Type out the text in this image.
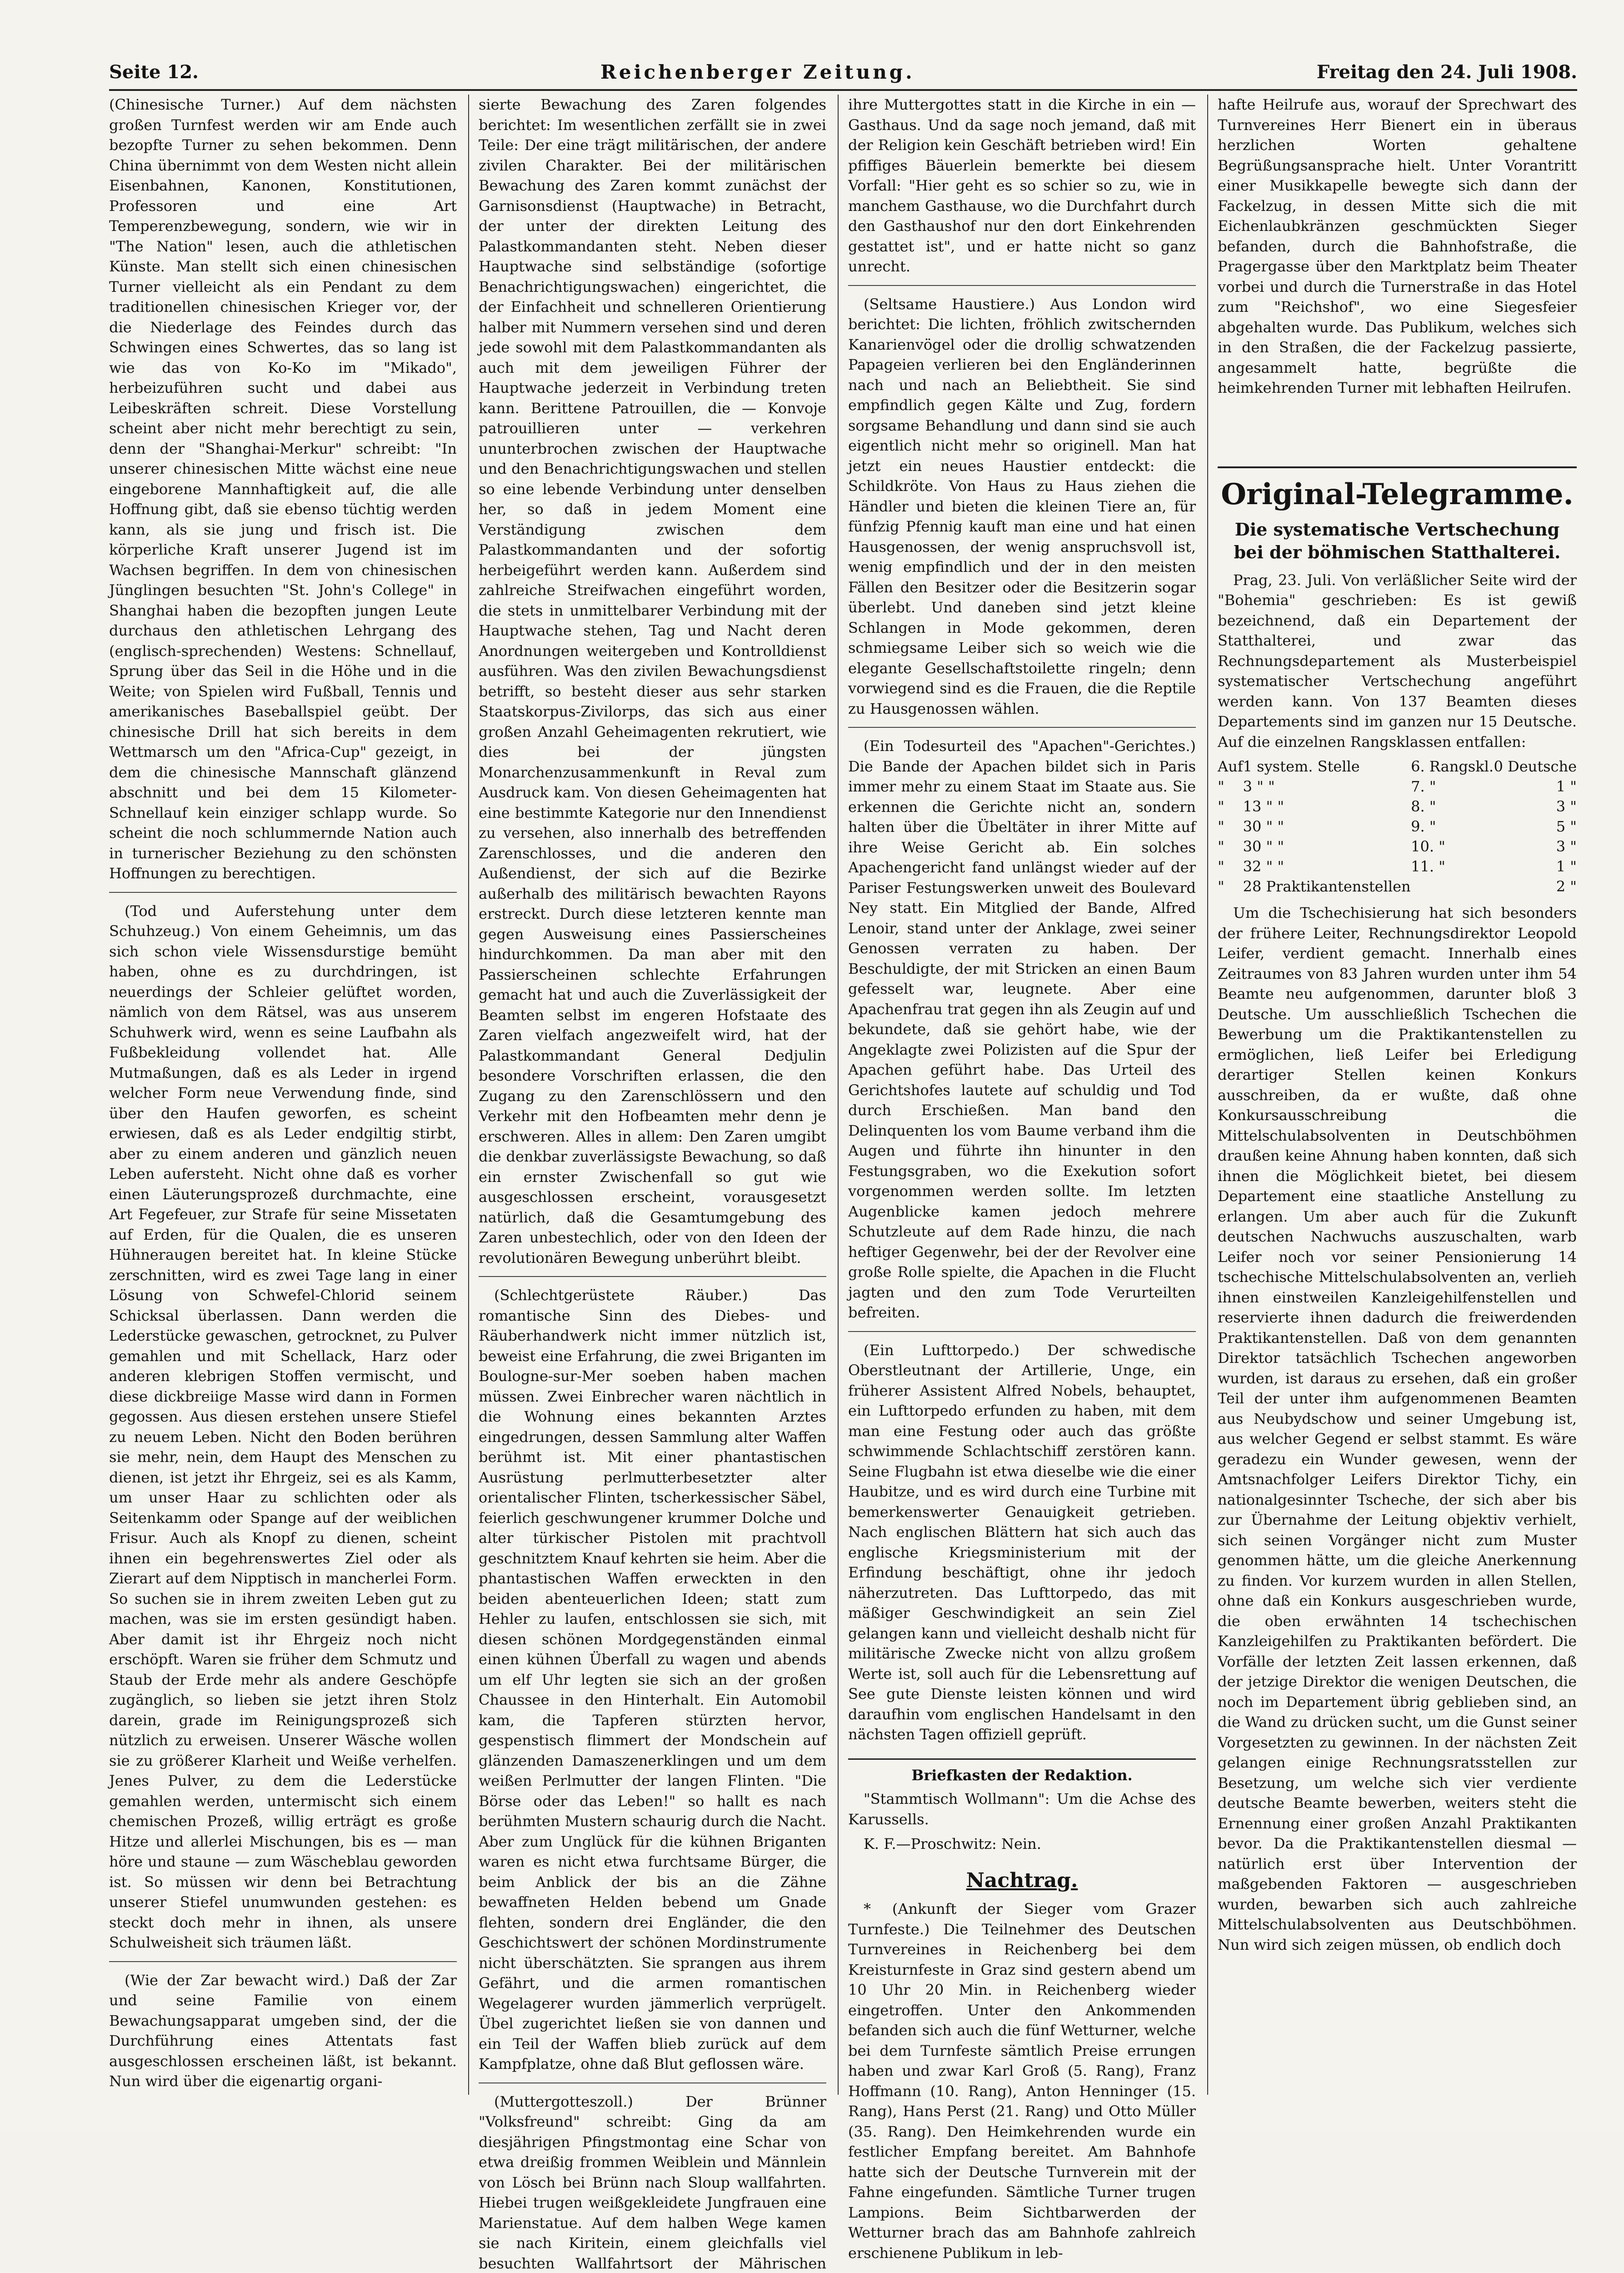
Seite 12.	Reichenberger Zeitung.	Freitag den 24. Juli 1908.

(Chinesische Turner.) Auf dem nächsten großen Turnfest werden wir am Ende auch bezopfte Turner zu sehen bekommen. Denn China übernimmt von dem Westen nicht allein Eisenbahnen, Kanonen, Konstitutionen, Professoren und eine Art Temperenzbewegung, sondern, wie wir in "The Nation" lesen, auch die athletischen Künste. Man stellt sich einen chinesischen Turner vielleicht als ein Pendant zu dem traditionellen chinesischen Krieger vor, der die Niederlage des Feindes durch das Schwingen eines Schwertes, das so lang ist wie das von Ko-Ko im "Mikado", herbeizuführen sucht und dabei aus Leibeskräften schreit. Diese Vorstellung scheint aber nicht mehr berechtigt zu sein, denn der "Shanghai-Merkur" schreibt: "In unserer chinesischen Mitte wächst eine neue eingeborene Mannhaftigkeit auf, die alle Hoffnung gibt, daß sie ebenso tüchtig werden kann, als sie jung und frisch ist. Die körperliche Kraft unserer Jugend ist im Wachsen begriffen. In dem von chinesischen Jünglingen besuchten "St. John's College" in Shanghai haben die bezopften jungen Leute durchaus den athletischen Lehrgang des (englisch-sprechenden) Westens: Schnellauf, Sprung über das Seil in die Höhe und in die Weite; von Spielen wird Fußball, Tennis und amerikanisches Baseballspiel geübt. Der chinesische Drill hat sich bereits in dem Wettmarsch um den "Africa-Cup" gezeigt, in dem die chinesische Mannschaft glänzend abschnitt und bei dem 15 Kilometer-Schnellauf kein einziger schlapp wurde. So scheint die noch schlummernde Nation auch in turnerischer Beziehung zu den schönsten Hoffnungen zu berechtigen.

(Tod und Auferstehung unter dem Schuhzeug.) Von einem Geheimnis, um das sich schon viele Wissensdurstige bemüht haben, ohne es zu durchdringen, ist neuerdings der Schleier gelüftet worden, nämlich von dem Rätsel, was aus unserem Schuhwerk wird, wenn es seine Laufbahn als Fußbekleidung vollendet hat. Alle Mutmaßungen, daß es als Leder in irgend welcher Form neue Verwendung finde, sind über den Haufen geworfen, es scheint erwiesen, daß es als Leder endgiltig stirbt, aber zu einem anderen und gänzlich neuen Leben aufersteht. Nicht ohne daß es vorher einen Läuterungsprozeß durchmachte, eine Art Fegefeuer, zur Strafe für seine Missetaten auf Erden, für die Qualen, die es unseren Hühneraugen bereitet hat. In kleine Stücke zerschnitten, wird es zwei Tage lang in einer Lösung von Schwefel-Chlorid seinem Schicksal überlassen. Dann werden die Lederstücke gewaschen, getrocknet, zu Pulver gemahlen und mit Schellack, Harz oder anderen klebrigen Stoffen vermischt, und diese dickbreiige Masse wird dann in Formen gegossen. Aus diesen erstehen unsere Stiefel zu neuem Leben. Nicht den Boden berühren sie mehr, nein, dem Haupt des Menschen zu dienen, ist jetzt ihr Ehrgeiz, sei es als Kamm, um unser Haar zu schlichten oder als Seitenkamm oder Spange auf der weiblichen Frisur. Auch als Knopf zu dienen, scheint ihnen ein begehrenswertes Ziel oder als Zierart auf dem Nipptisch in mancherlei Form. So suchen sie in ihrem zweiten Leben gut zu machen, was sie im ersten gesündigt haben. Aber damit ist ihr Ehrgeiz noch nicht erschöpft. Waren sie früher dem Schmutz und Staub der Erde mehr als andere Geschöpfe zugänglich, so lieben sie jetzt ihren Stolz darein, grade im Reinigungsprozeß sich nützlich zu erweisen. Unserer Wäsche wollen sie zu größerer Klarheit und Weiße verhelfen. Jenes Pulver, zu dem die Lederstücke gemahlen werden, untermischt sich einem chemischen Prozeß, willig erträgt es große Hitze und allerlei Mischungen, bis es — man höre und staune — zum Wäscheblau geworden ist. So müssen wir denn bei Betrachtung unserer Stiefel unumwunden gestehen: es steckt doch mehr in ihnen, als unsere Schulweisheit sich träumen läßt.

(Wie der Zar bewacht wird.) Daß der Zar und seine Familie von einem Bewachungsapparat umgeben sind, der die Durchführung eines Attentats fast ausgeschlossen erscheinen läßt, ist bekannt. Nun wird über die eigenartig organi-

sierte Bewachung des Zaren folgendes berichtet: Im wesentlichen zerfällt sie in zwei Teile: Der eine trägt militärischen, der andere zivilen Charakter. Bei der militärischen Bewachung des Zaren kommt zunächst der Garnisonsdienst (Hauptwache) in Betracht, der unter der direkten Leitung des Palastkommandanten steht. Neben dieser Hauptwache sind selbständige (sofortige Benachrichtigungswachen) eingerichtet, die der Einfachheit und schnelleren Orientierung halber mit Nummern versehen sind und deren jede sowohl mit dem Palastkommandanten als auch mit dem jeweiligen Führer der Hauptwache jederzeit in Verbindung treten kann. Berittene Patrouillen, die — Konvoje patrouillieren unter — verkehren ununterbrochen zwischen der Hauptwache und den Benachrichtigungswachen und stellen so eine lebende Verbindung unter denselben her, so daß in jedem Moment eine Verständigung zwischen dem Palastkommandanten und der sofortig herbeigeführt werden kann. Außerdem sind zahlreiche Streifwachen eingeführt worden, die stets in unmittelbarer Verbindung mit der Hauptwache stehen, Tag und Nacht deren Anordnungen weitergeben und Kontrolldienst ausführen. Was den zivilen Bewachungsdienst betrifft, so besteht dieser aus sehr starken Staatskorpus-Zivilorps, das sich aus einer großen Anzahl Geheimagenten rekrutiert, wie dies bei der jüngsten Monarchenzusammenkunft in Reval zum Ausdruck kam. Von diesen Geheimagenten hat eine bestimmte Kategorie nur den Innendienst zu versehen, also innerhalb des betreffenden Zarenschlosses, und die anderen den Außendienst, der sich auf die Bezirke außerhalb des militärisch bewachten Rayons erstreckt. Durch diese letzteren kennte man gegen Ausweisung eines Passierscheines hindurchkommen. Da man aber mit den Passierscheinen schlechte Erfahrungen gemacht hat und auch die Zuverlässigkeit der Beamten selbst im engeren Hofstaate des Zaren vielfach angezweifelt wird, hat der Palastkommandant General Dedjulin besondere Vorschriften erlassen, die den Zugang zu den Zarenschlössern und den Verkehr mit den Hofbeamten mehr denn je erschweren. Alles in allem: Den Zaren umgibt die denkbar zuverlässigste Bewachung, so daß ein ernster Zwischenfall so gut wie ausgeschlossen erscheint, vorausgesetzt natürlich, daß die Gesamtumgebung des Zaren unbestechlich, oder von den Ideen der revolutionären Bewegung unberührt bleibt.

(Schlechtgerüstete Räuber.) Das romantische Sinn des Diebes- und Räuberhandwerk nicht immer nützlich ist, beweist eine Erfahrung, die zwei Briganten im Boulogne-sur-Mer soeben haben machen müssen. Zwei Einbrecher waren nächtlich in die Wohnung eines bekannten Arztes eingedrungen, dessen Sammlung alter Waffen berühmt ist. Mit einer phantastischen Ausrüstung perlmutterbesetzter alter orientalischer Flinten, tscherkessischer Säbel, feierlich geschwungener krummer Dolche und alter türkischer Pistolen mit prachtvoll geschnitztem Knauf kehrten sie heim. Aber die phantastischen Waffen erweckten in den beiden abenteuerlichen Ideen; statt zum Hehler zu laufen, entschlossen sie sich, mit diesen schönen Mordgegenständen einmal einen kühnen Überfall zu wagen und abends um elf Uhr legten sie sich an der großen Chaussee in den Hinterhalt. Ein Automobil kam, die Tapferen stürzten hervor, gespenstisch flimmert der Mondschein auf glänzenden Damaszenerklingen und um dem weißen Perlmutter der langen Flinten. "Die Börse oder das Leben!" so hallt es nach berühmten Mustern schaurig durch die Nacht. Aber zum Unglück für die kühnen Briganten waren es nicht etwa furchtsame Bürger, die beim Anblick der bis an die Zähne bewaffneten Helden bebend um Gnade flehten, sondern drei Engländer, die den Geschichtswert der schönen Mordinstrumente nicht überschätzten. Sie sprangen aus ihrem Gefährt, und die armen romantischen Wegelagerer wurden jämmerlich verprügelt. Übel zugerichtet ließen sie von dannen und ein Teil der Waffen blieb zurück auf dem Kampfplatze, ohne daß Blut geflossen wäre.

(Muttergotteszoll.) Der Brünner "Volksfreund" schreibt: Ging da am diesjährigen Pfingstmontag eine Schar von etwa dreißig frommen Weiblein und Männlein von Lösch bei Brünn nach Sloup wallfahrten. Hiebei trugen weißgekleidete Jungfrauen eine Marienstatue. Auf dem halben Wege kamen sie nach Kiritein, einem gleichfalls viel besuchten Wallfahrtsort der Mährischen

ihre Muttergottes statt in die Kirche in ein — Gasthaus. Und da sage noch jemand, daß mit der Religion kein Geschäft betrieben wird! Ein pfiffiges Bäuerlein bemerkte bei diesem Vorfall: "Hier geht es so schier so zu, wie in manchem Gasthause, wo die Durchfahrt durch den Gasthaushof nur den dort Einkehrenden gestattet ist", und er hatte nicht so ganz unrecht.

(Seltsame Haustiere.) Aus London wird berichtet: Die lichten, fröhlich zwitschernden Kanarienvögel oder die drollig schwatzenden Papageien verlieren bei den Engländerinnen nach und nach an Beliebtheit. Sie sind empfindlich gegen Kälte und Zug, fordern sorgsame Behandlung und dann sind sie auch eigentlich nicht mehr so originell. Man hat jetzt ein neues Haustier entdeckt: die Schildkröte. Von Haus zu Haus ziehen die Händler und bieten die kleinen Tiere an, für fünfzig Pfennig kauft man eine und hat einen Hausgenossen, der wenig anspruchsvoll ist, wenig empfindlich und der in den meisten Fällen den Besitzer oder die Besitzerin sogar überlebt. Und daneben sind jetzt kleine Schlangen in Mode gekommen, deren schmiegsame Leiber sich so weich wie die elegante Gesellschaftstoilette ringeln; denn vorwiegend sind es die Frauen, die die Reptile zu Hausgenossen wählen.

(Ein Todesurteil des "Apachen"-Gerichtes.) Die Bande der Apachen bildet sich in Paris immer mehr zu einem Staat im Staate aus. Sie erkennen die Gerichte nicht an, sondern halten über die Übeltäter in ihrer Mitte auf ihre Weise Gericht ab. Ein solches Apachengericht fand unlängst wieder auf der Pariser Festungswerken unweit des Boulevard Ney statt. Ein Mitglied der Bande, Alfred Lenoir, stand unter der Anklage, zwei seiner Genossen verraten zu haben. Der Beschuldigte, der mit Stricken an einen Baum gefesselt war, leugnete. Aber eine Apachenfrau trat gegen ihn als Zeugin auf und bekundete, daß sie gehört habe, wie der Angeklagte zwei Polizisten auf die Spur der Apachen geführt habe. Das Urteil des Gerichtshofes lautete auf schuldig und Tod durch Erschießen. Man band den Delinquenten los vom Baume verband ihm die Augen und führte ihn hinunter in den Festungsgraben, wo die Exekution sofort vorgenommen werden sollte. Im letzten Augenblicke kamen jedoch mehrere Schutzleute auf dem Rade hinzu, die nach heftiger Gegenwehr, bei der der Revolver eine große Rolle spielte, die Apachen in die Flucht jagten und den zum Tode Verurteilten befreiten.

(Ein Lufttorpedo.) Der schwedische Oberstleutnant der Artillerie, Unge, ein früherer Assistent Alfred Nobels, behauptet, ein Lufttorpedo erfunden zu haben, mit dem man eine Festung oder auch das größte schwimmende Schlachtschiff zerstören kann. Seine Flugbahn ist etwa dieselbe wie die einer Haubitze, und es wird durch eine Turbine mit bemerkenswerter Genauigkeit getrieben. Nach englischen Blättern hat sich auch das englische Kriegsministerium mit der Erfindung beschäftigt, ohne ihr jedoch näherzutreten. Das Lufttorpedo, das mit mäßiger Geschwindigkeit an sein Ziel gelangen kann und vielleicht deshalb nicht für militärische Zwecke nicht von allzu großem Werte ist, soll auch für die Lebensrettung auf See gute Dienste leisten können und wird daraufhin vom englischen Handelsamt in den nächsten Tagen offiziell geprüft.

Briefkasten der Redaktion.

"Stammtisch Wollmann": Um die Achse des Karussells.

K. F.—Proschwitz: Nein.

Nachtrag.

* (Ankunft der Sieger vom Grazer Turnfeste.) Die Teilnehmer des Deutschen Turnvereines in Reichenberg bei dem Kreisturnfeste in Graz sind gestern abend um 10 Uhr 20 Min. in Reichenberg wieder eingetroffen. Unter den Ankommenden befanden sich auch die fünf Wetturner, welche bei dem Turnfeste sämtlich Preise errungen haben und zwar Karl Groß (5. Rang), Franz Hoffmann (10. Rang), Anton Henninger (15. Rang), Hans Perst (21. Rang) und Otto Müller (35. Rang). Den Heimkehrenden wurde ein festlicher Empfang bereitet. Am Bahnhofe hatte sich der Deutsche Turnverein mit der Fahne eingefunden. Sämtliche Turner trugen Lampions. Beim Sichtbarwerden der Wetturner brach das am Bahnhofe zahlreich erschienene Publikum in leb-

hafte Heilrufe aus, worauf der Sprechwart des Turnvereines Herr Bienert ein in überaus herzlichen Worten gehaltene Begrüßungsansprache hielt. Unter Vorantritt einer Musikkapelle bewegte sich dann der Fackelzug, in dessen Mitte sich die mit Eichenlaubkränzen geschmückten Sieger befanden, durch die Bahnhofstraße, die Pragergasse über den Marktplatz beim Theater vorbei und durch die Turnerstraße in das Hotel zum "Reichshof", wo eine Siegesfeier abgehalten wurde. Das Publikum, welches sich in den Straßen, die der Fackelzug passierte, angesammelt hatte, begrüßte die heimkehrenden Turner mit lebhaften Heilrufen.

Original-Telegramme.
Die systematische Vertschechung bei der böhmischen Statthalterei.

Prag, 23. Juli. Von verläßlicher Seite wird der "Bohemia" geschrieben: Es ist gewiß bezeichnend, daß ein Departement der Statthalterei, und zwar das Rechnungsdepartement als Musterbeispiel systematischer Vertschechung angeführt werden kann. Von 137 Beamten dieses Departements sind im ganzen nur 15 Deutsche. Auf die einzelnen Rangsklassen entfallen:

Auf	1 system. Stelle	6. Rangskl.	0 Deutsche
"	3 " "	7. "	1 "
"	13 " "	8. "	3 "
"	30 " "	9. "	5 "
"	30 " "	10. "	3 "
"	32 " "	11. "	1 "
"	28 Praktikantenstellen		2 "

Um die Tschechisierung hat sich besonders der frühere Leiter, Rechnungsdirektor Leopold Leifer, verdient gemacht. Innerhalb eines Zeitraumes von 83 Jahren wurden unter ihm 54 Beamte neu aufgenommen, darunter bloß 3 Deutsche. Um ausschließlich Tschechen die Bewerbung um die Praktikantenstellen zu ermöglichen, ließ Leifer bei Erledigung derartiger Stellen keinen Konkurs ausschreiben, da er wußte, daß ohne Konkursausschreibung die Mittelschulabsolventen in Deutschböhmen draußen keine Ahnung haben konnten, daß sich ihnen die Möglichkeit bietet, bei diesem Departement eine staatliche Anstellung zu erlangen. Um aber auch für die Zukunft deutschen Nachwuchs auszuschalten, warb Leifer noch vor seiner Pensionierung 14 tschechische Mittelschulabsolventen an, verlieh ihnen einstweilen Kanzleigehilfenstellen und reservierte ihnen dadurch die freiwerdenden Praktikantenstellen. Daß von dem genannten Direktor tatsächlich Tschechen angeworben wurden, ist daraus zu ersehen, daß ein großer Teil der unter ihm aufgenommenen Beamten aus Neubydschow und seiner Umgebung ist, aus welcher Gegend er selbst stammt. Es wäre geradezu ein Wunder gewesen, wenn der Amtsnachfolger Leifers Direktor Tichy, ein nationalgesinnter Tscheche, der sich aber bis zur Übernahme der Leitung objektiv verhielt, sich seinen Vorgänger nicht zum Muster genommen hätte, um die gleiche Anerkennung zu finden. Vor kurzem wurden in allen Stellen, ohne daß ein Konkurs ausgeschrieben wurde, die oben erwähnten 14 tschechischen Kanzleigehilfen zu Praktikanten befördert. Die Vorfälle der letzten Zeit lassen erkennen, daß der jetzige Direktor die wenigen Deutschen, die noch im Departement übrig geblieben sind, an die Wand zu drücken sucht, um die Gunst seiner Vorgesetzten zu gewinnen. In der nächsten Zeit gelangen einige Rechnungsratsstellen zur Besetzung, um welche sich vier verdiente deutsche Beamte bewerben, weiters steht die Ernennung einer großen Anzahl Praktikanten bevor. Da die Praktikantenstellen diesmal — natürlich erst über Intervention der maßgebenden Faktoren — ausgeschrieben wurden, bewarben sich auch zahlreiche Mittelschulabsolventen aus Deutschböhmen. Nun wird sich zeigen müssen, ob endlich doch
